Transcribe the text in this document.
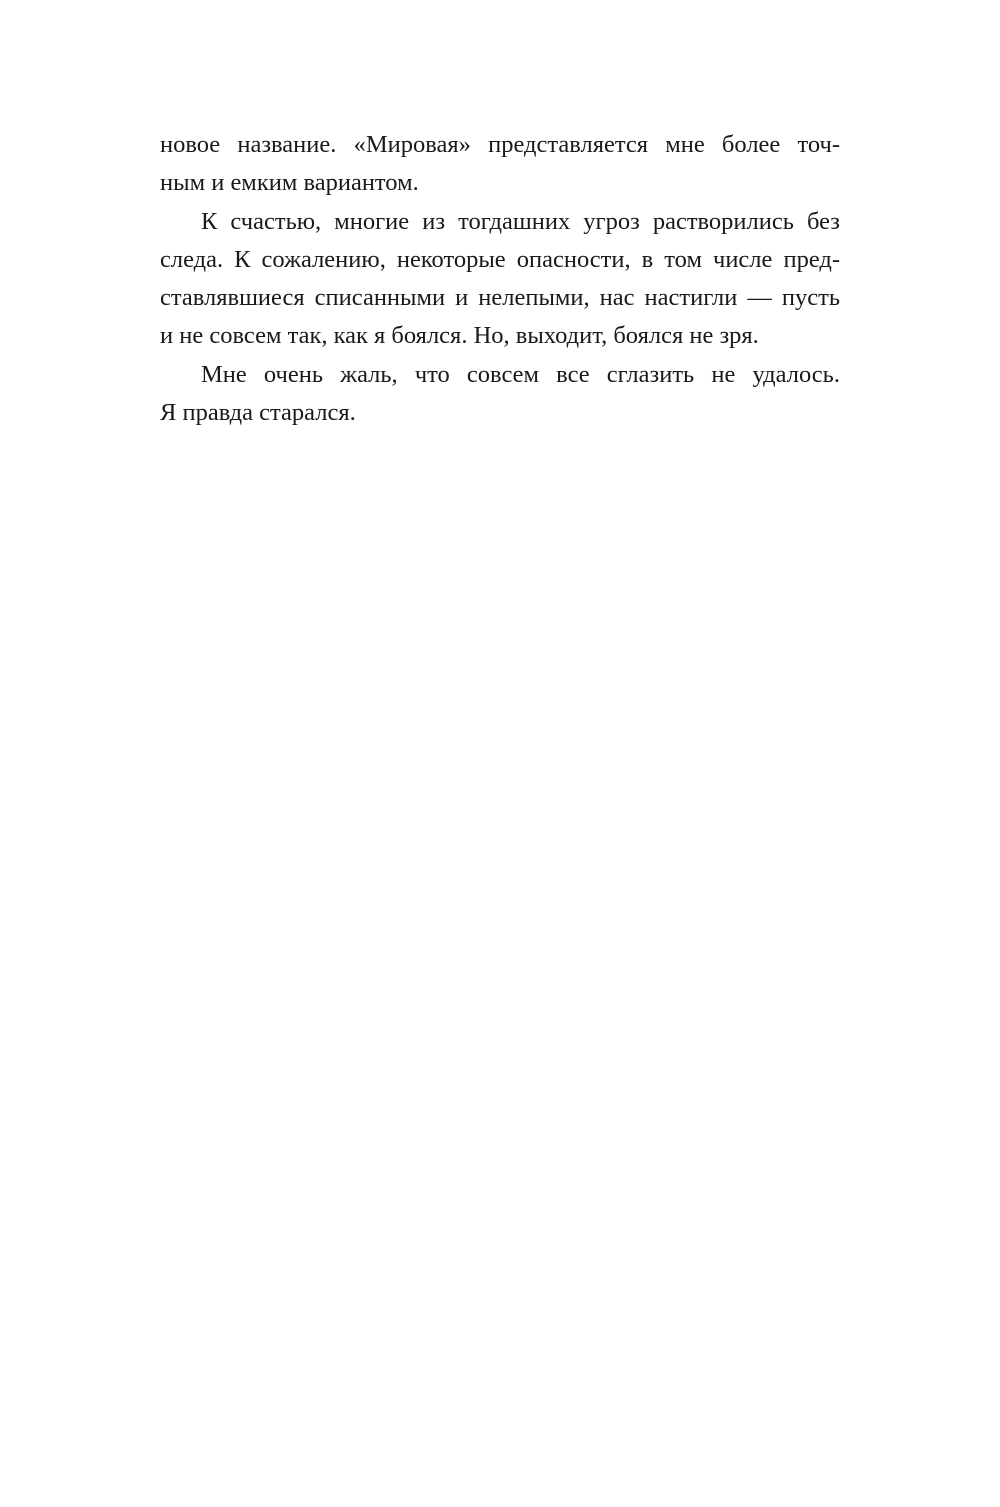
новое название. «Мировая» представляется мне более точ-
ным и емким вариантом.
К счастью, многие из тогдашних угроз растворились без
следа. К сожалению, некоторые опасности, в том числе пред-
ставлявшиеся списанными и нелепыми, нас настигли — пусть
и не совсем так, как я боялся. Но, выходит, боялся не зря.
Мне очень жаль, что совсем все сглазить не удалось.
Я правда старался.
